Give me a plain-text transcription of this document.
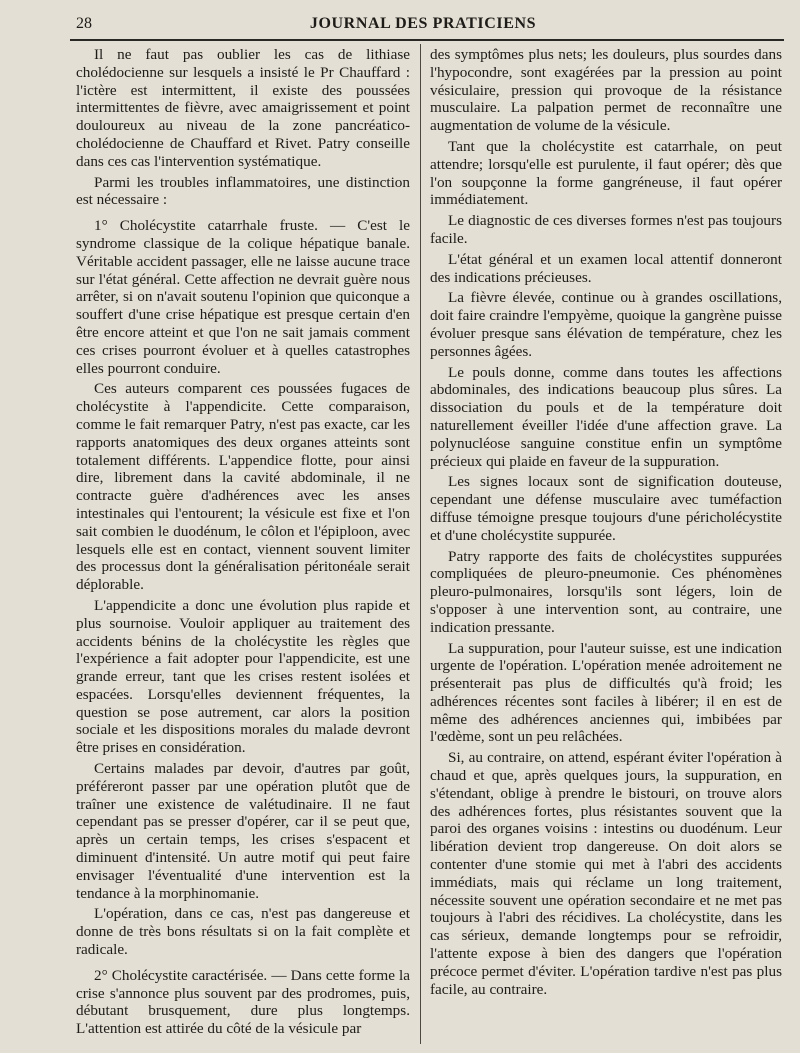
28	JOURNAL DES PRATICIENS

Il ne faut pas oublier les cas de lithiase cholédocienne sur lesquels a insisté le Pr Chauffard : l'ictère est intermittent, il existe des poussées intermittentes de fièvre, avec amaigrissement et point douloureux au niveau de la zone pancréatico-cholédocienne de Chauffard et Rivet. Patry conseille dans ces cas l'intervention systématique.

Parmi les troubles inflammatoires, une distinction est nécessaire :

1° Cholécystite catarrhale fruste. — C'est le syndrome classique de la colique hépatique banale. Véritable accident passager, elle ne laisse aucune trace sur l'état général. Cette affection ne devrait guère nous arrêter, si on n'avait soutenu l'opinion que quiconque a souffert d'une crise hépatique est presque certain d'en être encore atteint et que l'on ne sait jamais comment ces crises pourront évoluer et à quelles catastrophes elles pourront conduire.

Ces auteurs comparent ces poussées fugaces de cholécystite à l'appendicite. Cette comparaison, comme le fait remarquer Patry, n'est pas exacte, car les rapports anatomiques des deux organes atteints sont totalement différents. L'appendice flotte, pour ainsi dire, librement dans la cavité abdominale, il ne contracte guère d'adhérences avec les anses intestinales qui l'entourent; la vésicule est fixe et l'on sait combien le duodénum, le côlon et l'épiploon, avec lesquels elle est en contact, viennent souvent limiter des processus dont la généralisation péritonéale serait déplorable.

L'appendicite a donc une évolution plus rapide et plus sournoise. Vouloir appliquer au traitement des accidents bénins de la cholécystite les règles que l'expérience a fait adopter pour l'appendicite, est une grande erreur, tant que les crises restent isolées et espacées. Lorsqu'elles deviennent fréquentes, la question se pose autrement, car alors la position sociale et les dispositions morales du malade devront être prises en considération.

Certains malades par devoir, d'autres par goût, préféreront passer par une opération plutôt que de traîner une existence de valétudinaire. Il ne faut cependant pas se presser d'opérer, car il se peut que, après un certain temps, les crises s'espacent et diminuent d'intensité. Un autre motif qui peut faire envisager l'éventualité d'une intervention est la tendance à la morphinomanie.

L'opération, dans ce cas, n'est pas dangereuse et donne de très bons résultats si on la fait complète et radicale.

2° Cholécystite caractérisée. — Dans cette forme la crise s'annonce plus souvent par des prodromes, puis, débutant brusquement, dure plus longtemps. L'attention est attirée du côté de la vésicule par

des symptômes plus nets; les douleurs, plus sourdes dans l'hypocondre, sont exagérées par la pression au point vésiculaire, pression qui provoque de la résistance musculaire. La palpation permet de reconnaître une augmentation de volume de la vésicule.

Tant que la cholécystite est catarrhale, on peut attendre; lorsqu'elle est purulente, il faut opérer; dès que l'on soupçonne la forme gangréneuse, il faut opérer immédiatement.

Le diagnostic de ces diverses formes n'est pas toujours facile.

L'état général et un examen local attentif donneront des indications précieuses.

La fièvre élevée, continue ou à grandes oscillations, doit faire craindre l'empyème, quoique la gangrène puisse évoluer presque sans élévation de température, chez les personnes âgées.

Le pouls donne, comme dans toutes les affections abdominales, des indications beaucoup plus sûres. La dissociation du pouls et de la température doit naturellement éveiller l'idée d'une affection grave. La polynucléose sanguine constitue enfin un symptôme précieux qui plaide en faveur de la suppuration.

Les signes locaux sont de signification douteuse, cependant une défense musculaire avec tuméfaction diffuse témoigne presque toujours d'une péricholécystite et d'une cholécystite suppurée.

Patry rapporte des faits de cholécystites suppurées compliquées de pleuro-pneumonie. Ces phénomènes pleuro-pulmonaires, lorsqu'ils sont légers, loin de s'opposer à une intervention sont, au contraire, une indication pressante.

La suppuration, pour l'auteur suisse, est une indication urgente de l'opération. L'opération menée adroitement ne présenterait pas plus de difficultés qu'à froid; les adhérences récentes sont faciles à libérer; il en est de même des adhérences anciennes qui, imbibées par l'œdème, sont un peu relâchées.

Si, au contraire, on attend, espérant éviter l'opération à chaud et que, après quelques jours, la suppuration, en s'étendant, oblige à prendre le bistouri, on trouve alors des adhérences fortes, plus résistantes souvent que la paroi des organes voisins : intestins ou duodénum. Leur libération devient trop dangereuse. On doit alors se contenter d'une stomie qui met à l'abri des accidents immédiats, mais qui réclame un long traitement, nécessite souvent une opération secondaire et ne met pas toujours à l'abri des récidives. La cholécystite, dans les cas sérieux, demande longtemps pour se refroidir, l'attente expose à bien des dangers que l'opération précoce permet d'éviter. L'opération tardive n'est pas plus facile, au contraire.
